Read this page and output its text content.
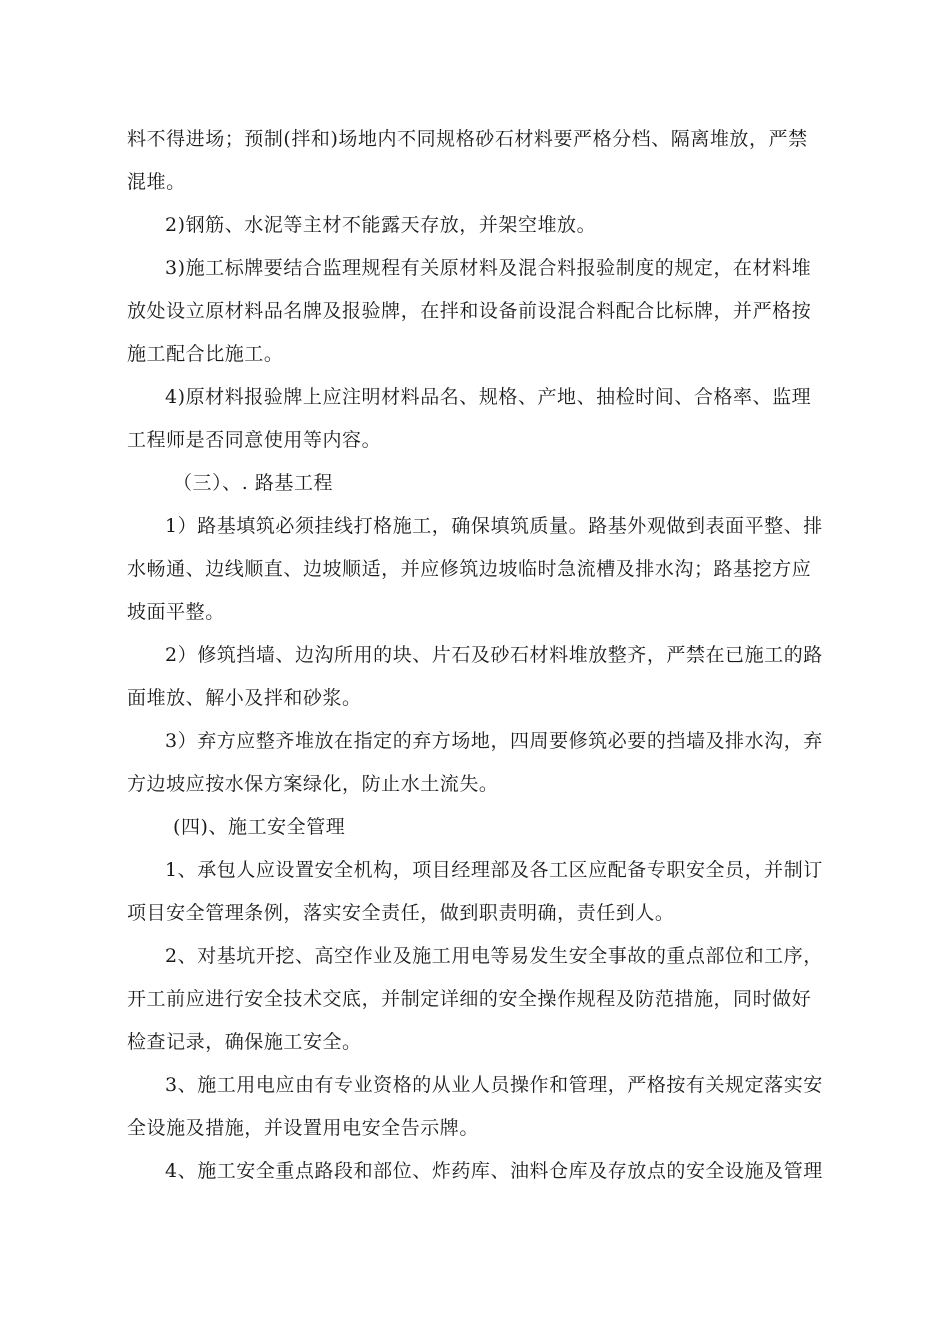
料不得进场；预制(拌和)场地内不同规格砂石材料要严格分档、隔离堆放，严禁
混堆。
2)钢筋、水泥等主材不能露天存放，并架空堆放。
3)施工标牌要结合监理规程有关原材料及混合料报验制度的规定，在材料堆
放处设立原材料品名牌及报验牌，在拌和设备前设混合料配合比标牌，并严格按
施工配合比施工。
4)原材料报验牌上应注明材料品名、规格、产地、抽检时间、合格率、监理
工程师是否同意使用等内容。
（三）、. 路基工程
1）路基填筑必须挂线打格施工，确保填筑质量。路基外观做到表面平整、排
水畅通、边线顺直、边坡顺适，并应修筑边坡临时急流槽及排水沟；路基挖方应
坡面平整。
2）修筑挡墙、边沟所用的块、片石及砂石材料堆放整齐，严禁在已施工的路
面堆放、解小及拌和砂浆。
3）弃方应整齐堆放在指定的弃方场地，四周要修筑必要的挡墙及排水沟，弃
方边坡应按水保方案绿化，防止水土流失。
(四)、施工安全管理
1、承包人应设置安全机构，项目经理部及各工区应配备专职安全员，并制订
项目安全管理条例，落实安全责任，做到职责明确，责任到人。
2、对基坑开挖、高空作业及施工用电等易发生安全事故的重点部位和工序，
开工前应进行安全技术交底，并制定详细的安全操作规程及防范措施，同时做好
检查记录，确保施工安全。
3、施工用电应由有专业资格的从业人员操作和管理，严格按有关规定落实安
全设施及措施，并设置用电安全告示牌。
4、施工安全重点路段和部位、炸药库、油料仓库及存放点的安全设施及管理
